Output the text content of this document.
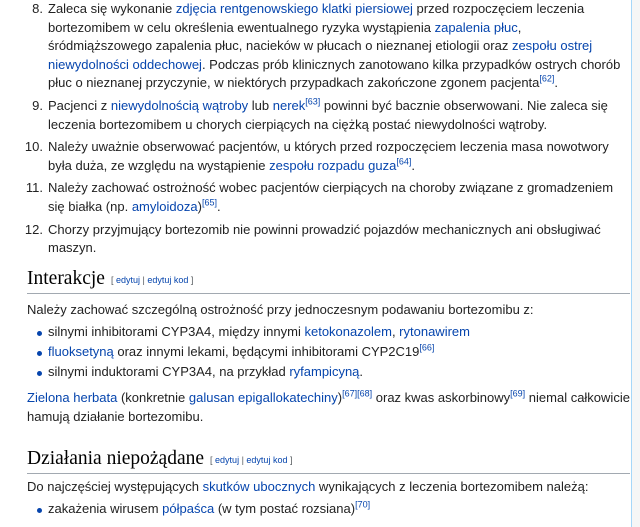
8. Zaleca się wykonanie zdjęcia rentgenowskiego klatki piersiowej przed rozpoczęciem leczenia bortezomibem w celu określenia ewentualnego ryzyka wystąpienia zapalenia płuc, śródmiąższowego zapalenia płuc, nacieków w płucach o nieznanej etiologii oraz zespołu ostrej niewydolności oddechowej. Podczas prób klinicznych zanotowano kilka przypadków ostrych chorób płuc o nieznanej przyczynie, w niektórych przypadkach zakończone zgonem pacjenta[62].
9. Pacjenci z niewydolnością wątroby lub nerek[63] powinni być bacznie obserwowani. Nie zaleca się leczenia bortezomibem u chorych cierpiących na ciężką postać niewydolności wątroby.
10. Należy uważnie obserwować pacjentów, u których przed rozpoczęciem leczenia masa nowotwory była duża, ze względu na wystąpienie zespołu rozpadu guza[64].
11. Należy zachować ostrożność wobec pacjentów cierpiących na choroby związane z gromadzeniem się białka (np. amyloidoza)[65].
12. Chorzy przyjmujący bortezomib nie powinni prowadzić pojazdów mechanicznych ani obsługiwać maszyn.
Interakcje [ edytuj | edytuj kod ]

Należy zachować szczególną ostrożność przy jednoczesnym podawaniu bortezomibu z:

silnymi inhibitorami CYP3A4, między innymi ketokonazolem, rytonawirem
fluoksetyną oraz innymi lekami, będącymi inhibitorami CYP2C19[66]
silnymi induktorami CYP3A4, na przykład ryfampicyną.

Zielona herbata (konkretnie galusan epigallokatechiny)[67][68] oraz kwas askorbinowy[69] niemal całkowicie hamują działanie bortezomibu.

Działania niepożądane [ edytuj | edytuj kod ]

Do najczęściej występujących skutków ubocznych wynikających z leczenia bortezomibem należą:

zakażenia wirusem półpaśca (w tym postać rozsiana)[70]
